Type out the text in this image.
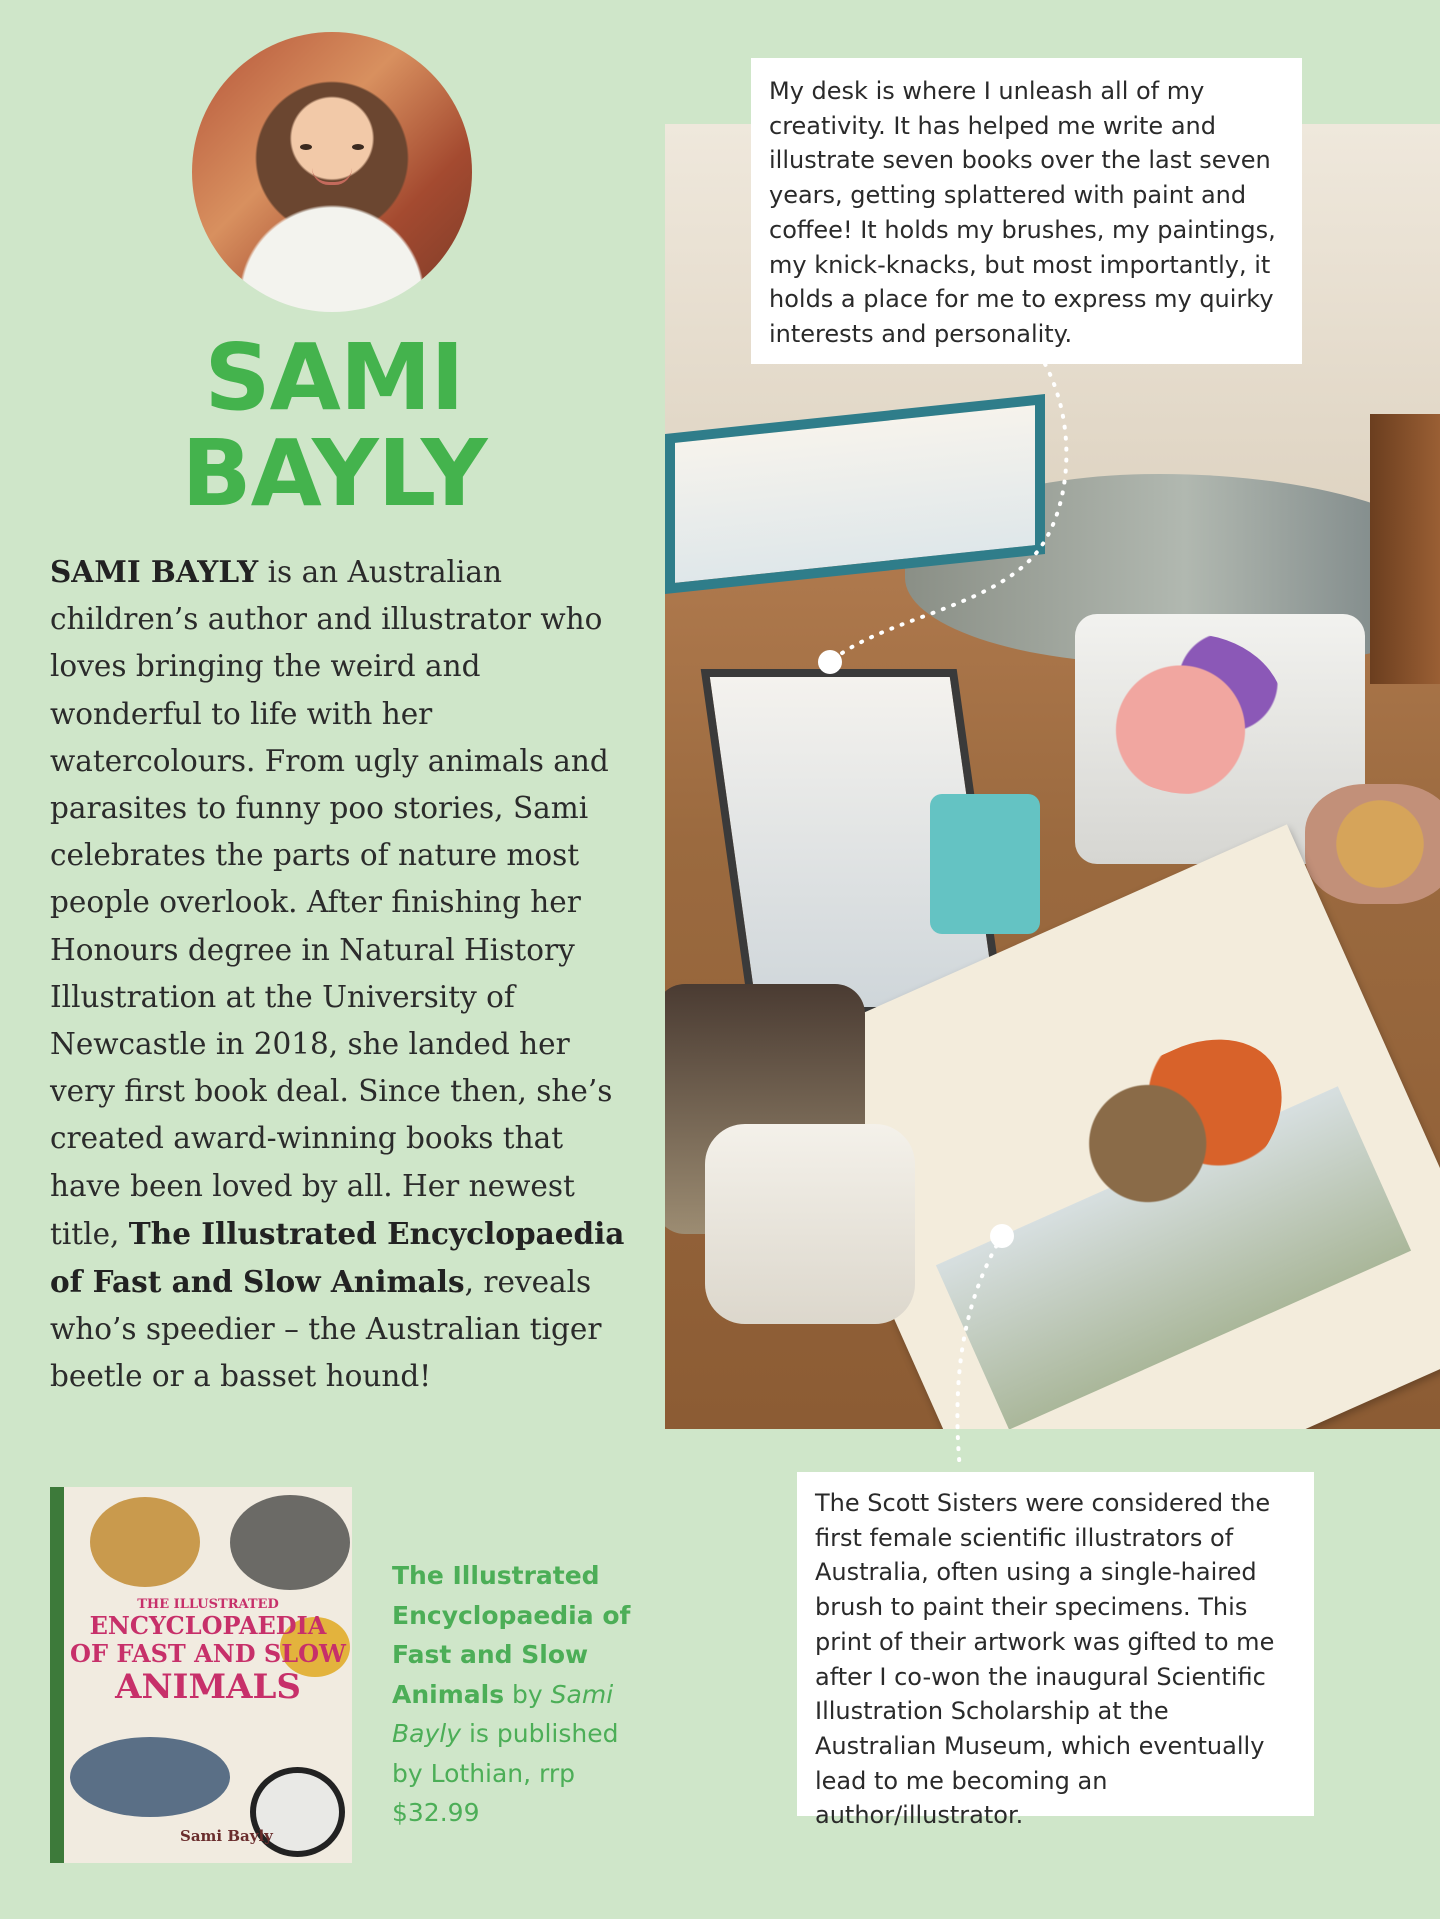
SAMI
BAYLY

SAMI BAYLY is an Australian children’s author and illustrator who loves bringing the weird and wonderful to life with her watercolours. From ugly animals and parasites to funny poo stories, Sami celebrates the parts of nature most people overlook. After finishing her Honours degree in Natural History Illustration at the University of Newcastle in 2018, she landed her very first book deal. Since then, she’s created award-winning books that have been loved by all. Her newest title, The Illustrated Encyclopaedia of Fast and Slow Animals, reveals who’s speedier – the Australian tiger beetle or a basset hound!

THE ILLUSTRATED
ENCYCLOPAEDIA
OF FAST AND SLOW
ANIMALS
Sami Bayly

The Illustrated Encyclopaedia of Fast and Slow Animals by Sami Bayly is published by Lothian, rrp $32.99

My desk is where I unleash all of my creativity. It has helped me write and illustrate seven books over the last seven years, getting splattered with paint and coffee! It holds my brushes, my paintings, my knick-knacks, but most importantly, it holds a place for me to express my quirky interests and personality.

The Scott Sisters were considered the first female scientific illustrators of Australia, often using a single-haired brush to paint their specimens. This print of their artwork was gifted to me after I co-won the inaugural Scientific Illustration Scholarship at the Australian Museum, which eventually lead to me becoming an author/illustrator.
